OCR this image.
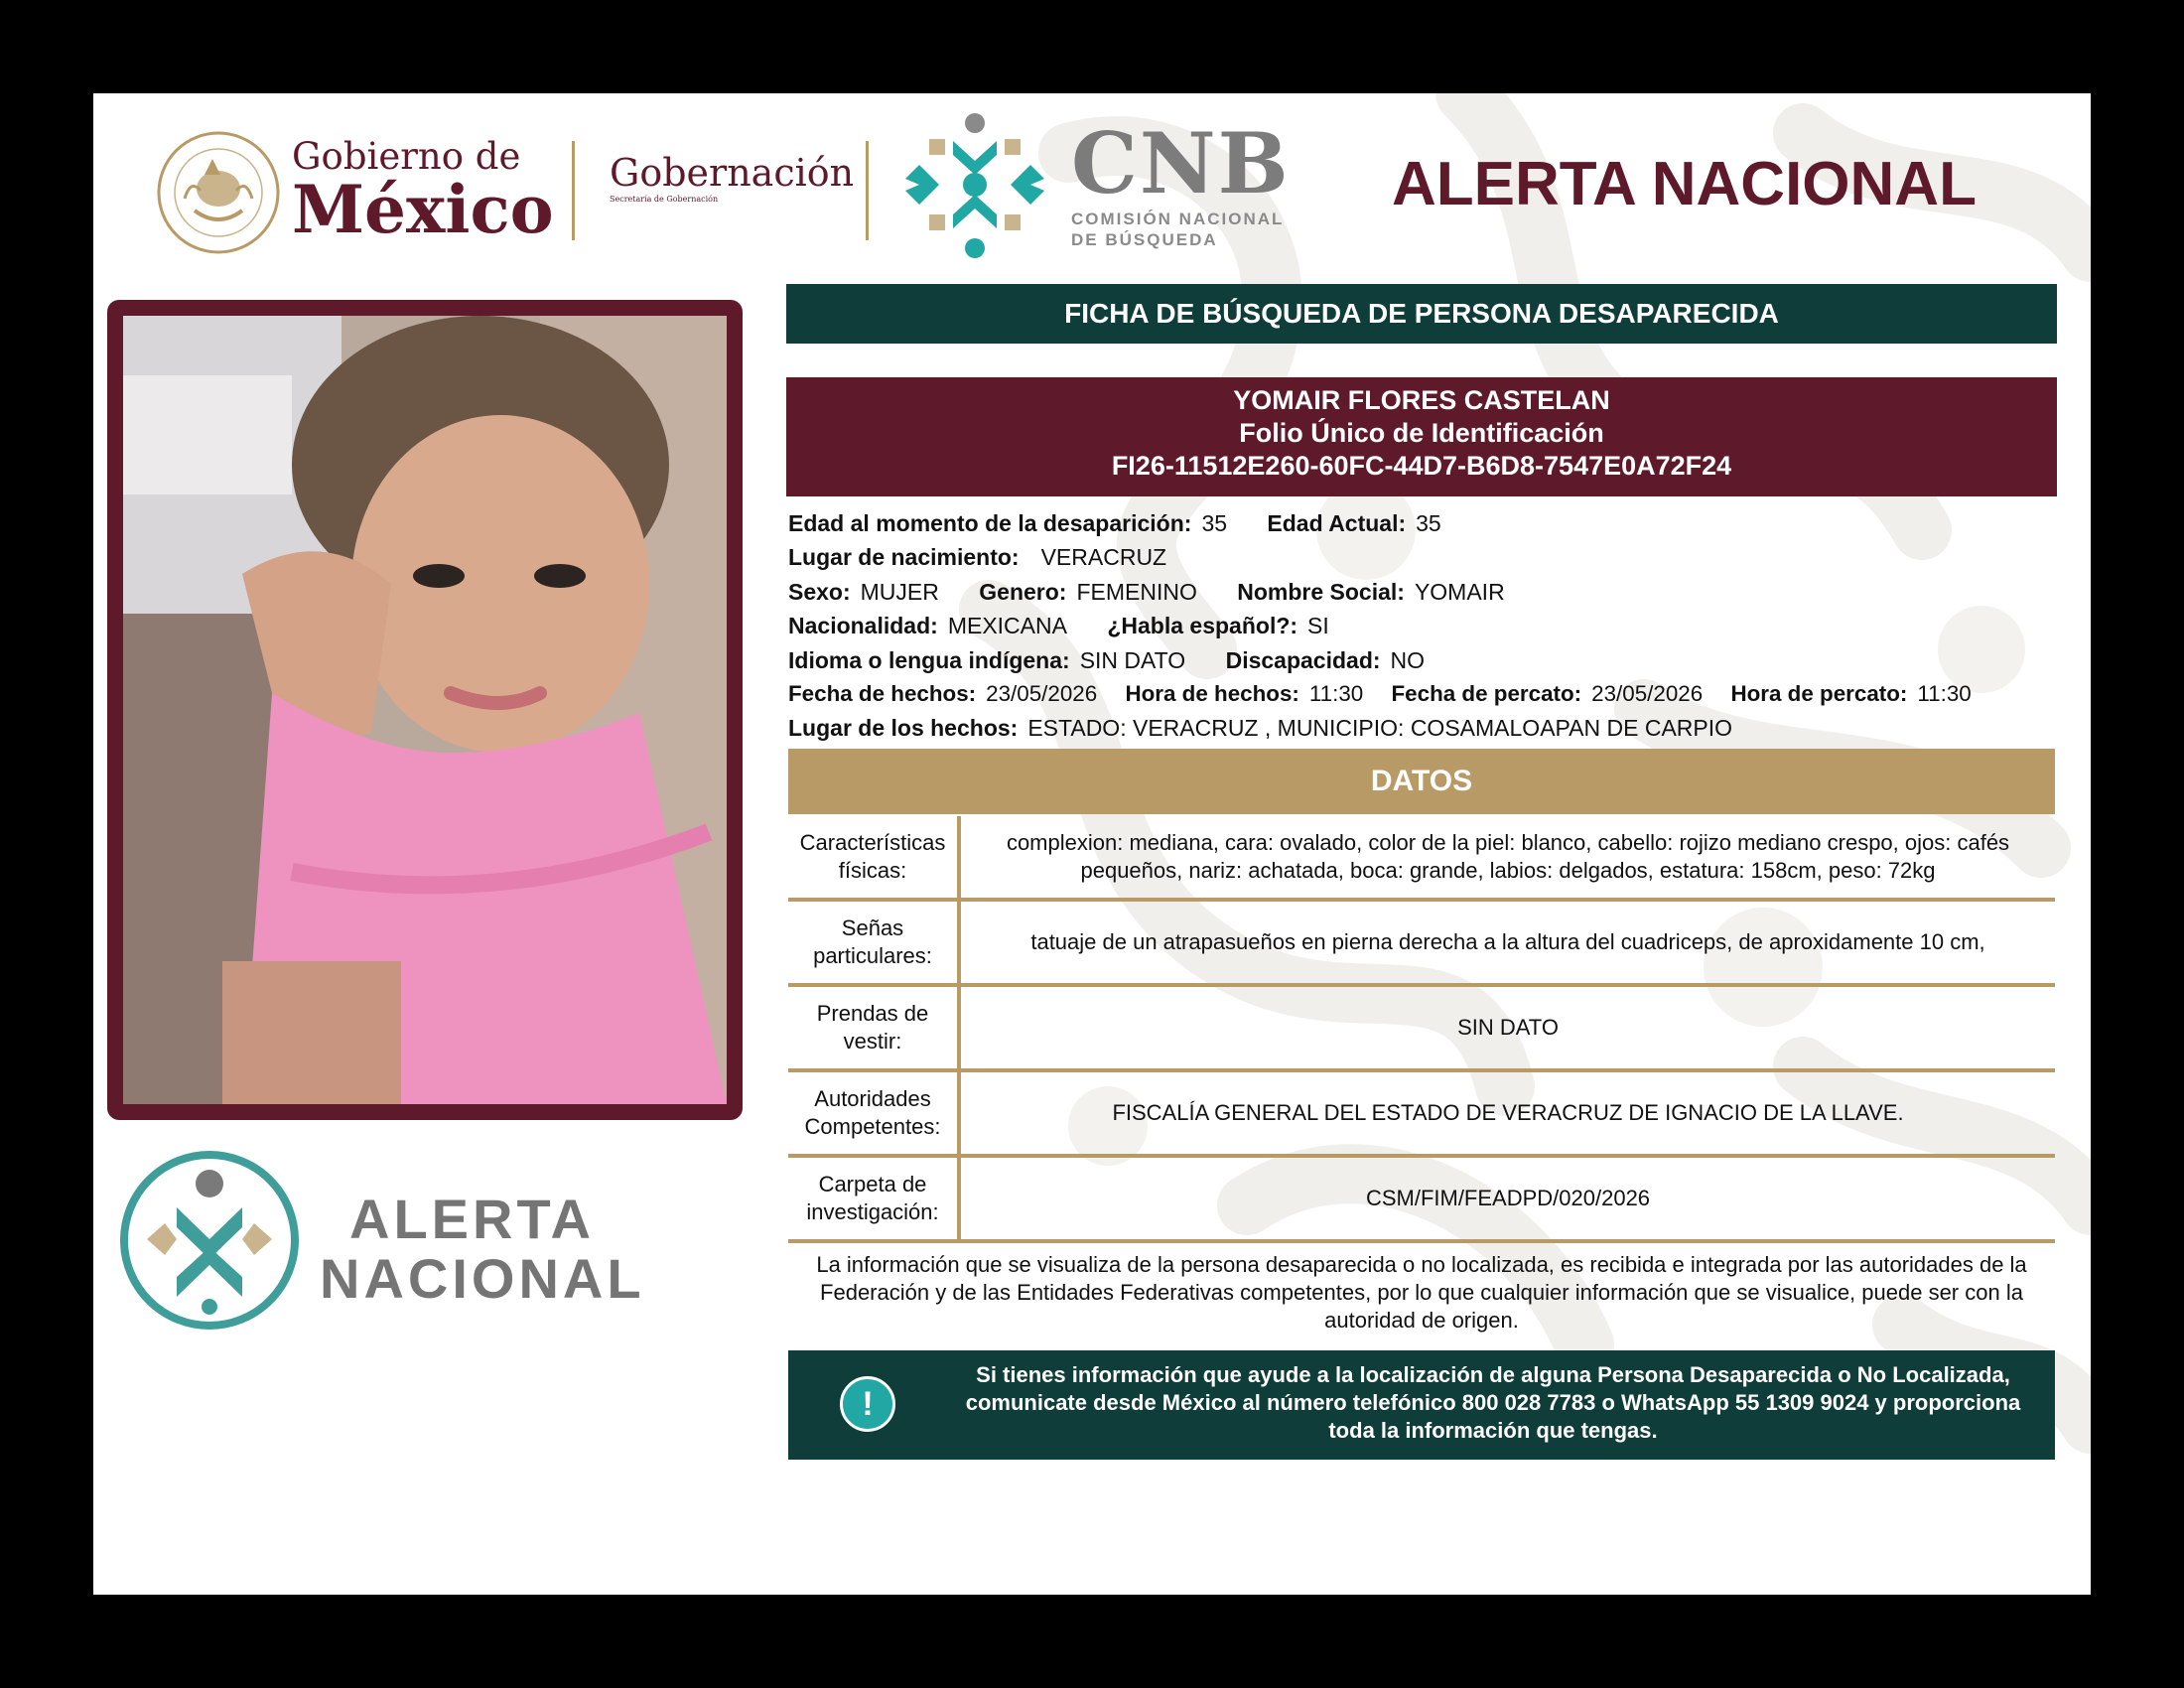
Gobierno de
México Gobernación
Secretaría de Gobernación	CNB
COMISIÓN NACIONAL
DE BÚSQUEDA
ALERTA NACIONAL
ALERTA
NACIONAL
FICHA DE BÚSQUEDA DE PERSONA DESAPARECIDA
YOMAIR FLORES CASTELAN
Folio Único de Identificación
FI26-11512E260-60FC-44D7-B6D8-7547E0A72F24
Edad al momento de la desaparición: 35 Edad Actual: 35
Lugar de nacimiento: VERACRUZ
Sexo: MUJER Genero: FEMENINO Nombre Social: YOMAIR
Nacionalidad: MEXICANA ¿Habla español?: SI
Idioma o lengua indígena: SIN DATO Discapacidad: NO
Fecha de hechos: 23/05/2026 Hora de hechos: 11:30 Fecha de percato: 23/05/2026 Hora de percato: 11:30
Lugar de los hechos: ESTADO: VERACRUZ , MUNICIPIO: COSAMALOAPAN DE CARPIO
DATOS
Características físicas:
complexion: mediana, cara: ovalado, color de la piel: blanco, cabello: rojizo mediano crespo, ojos: cafés pequeños, nariz: achatada, boca: grande, labios: delgados, estatura: 158cm, peso: 72kg
Señas particulares:
tatuaje de un atrapasueños en pierna derecha a la altura del cuadriceps, de aproxidamente 10 cm,
Prendas de vestir:
SIN DATO
Autoridades Competentes:
FISCALÍA GENERAL DEL ESTADO DE VERACRUZ DE IGNACIO DE LA LLAVE.
Carpeta de investigación:
CSM/FIM/FEADPD/020/2026
La información que se visualiza de la persona desaparecida o no localizada, es recibida e integrada por las autoridades de la Federación y de las Entidades Federativas competentes, por lo que cualquier información que se visualice, puede ser con la autoridad de origen.
!
Si tienes información que ayude a la localización de alguna Persona Desaparecida o No Localizada, comunicate desde México al número telefónico 800 028 7783 o WhatsApp 55 1309 9024 y proporciona toda la información que tengas.
